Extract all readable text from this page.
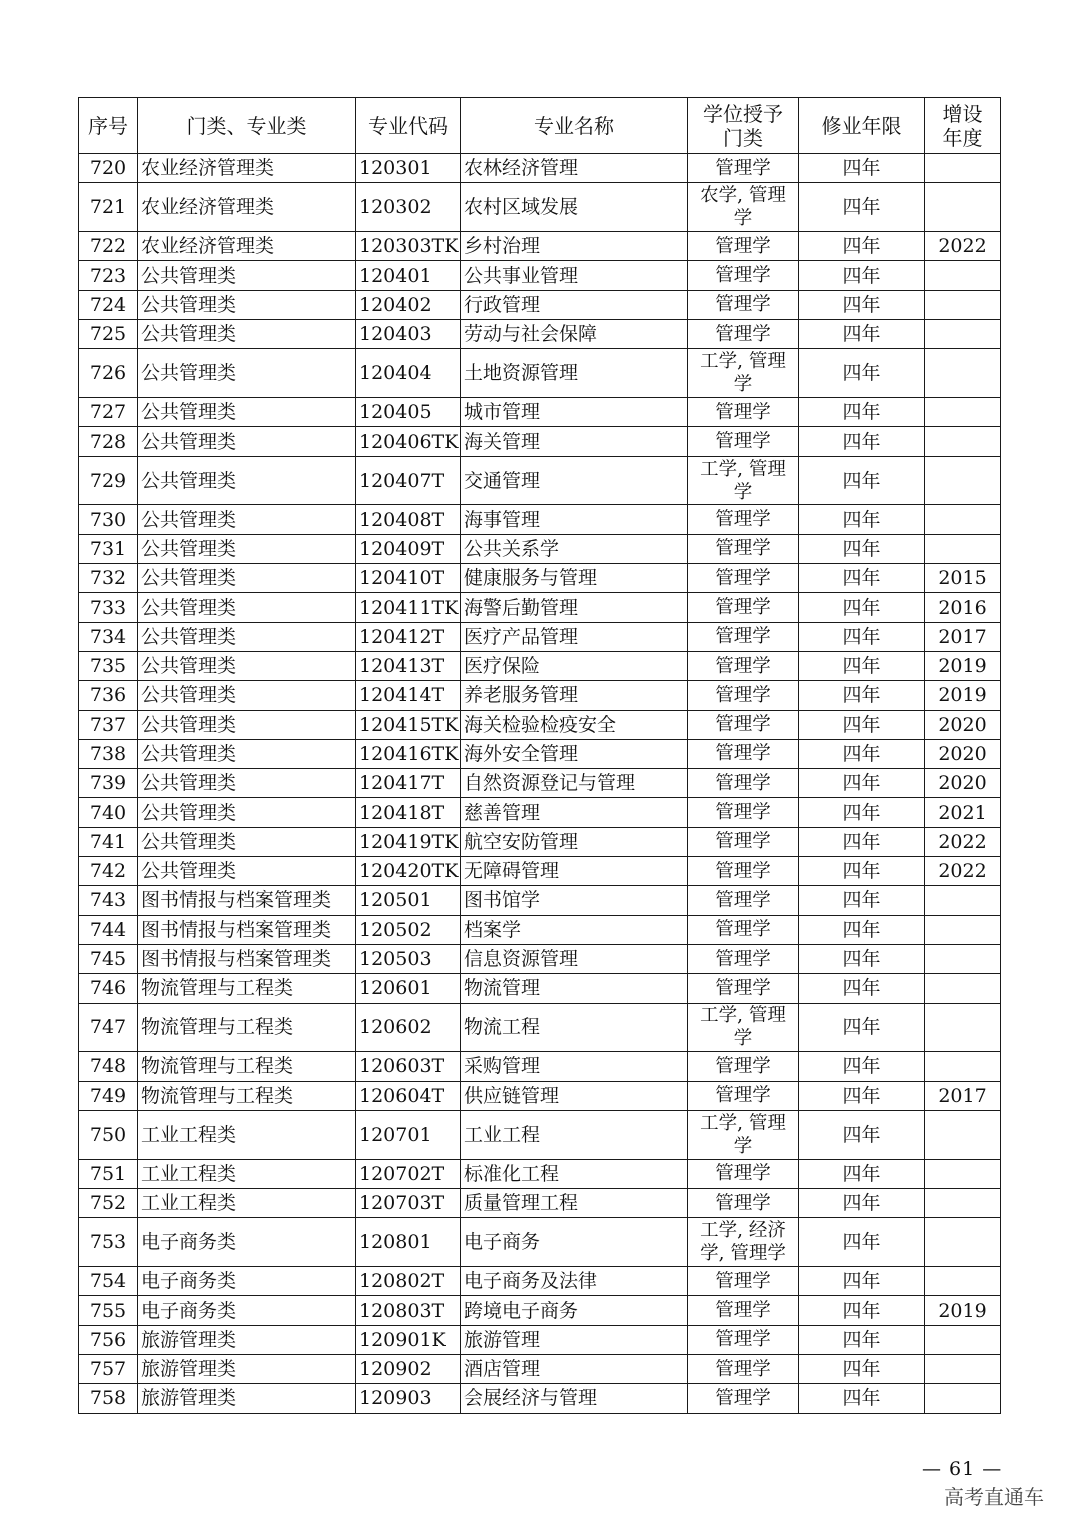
序号	门类、专业类	专业代码	专业名称	学位授予门类	修业年限	增设年度
720	农业经济管理类	120301	农林经济管理	管理学	四年	
721	农业经济管理类	120302	农村区域发展	农学, 管理学	四年	
722	农业经济管理类	120303TK	乡村治理	管理学	四年	2022
723	公共管理类	120401	公共事业管理	管理学	四年	
724	公共管理类	120402	行政管理	管理学	四年	
725	公共管理类	120403	劳动与社会保障	管理学	四年	
726	公共管理类	120404	土地资源管理	工学, 管理学	四年	
727	公共管理类	120405	城市管理	管理学	四年	
728	公共管理类	120406TK	海关管理	管理学	四年	
729	公共管理类	120407T	交通管理	工学, 管理学	四年	
730	公共管理类	120408T	海事管理	管理学	四年	
731	公共管理类	120409T	公共关系学	管理学	四年	
732	公共管理类	120410T	健康服务与管理	管理学	四年	2015
733	公共管理类	120411TK	海警后勤管理	管理学	四年	2016
734	公共管理类	120412T	医疗产品管理	管理学	四年	2017
735	公共管理类	120413T	医疗保险	管理学	四年	2019
736	公共管理类	120414T	养老服务管理	管理学	四年	2019
737	公共管理类	120415TK	海关检验检疫安全	管理学	四年	2020
738	公共管理类	120416TK	海外安全管理	管理学	四年	2020
739	公共管理类	120417T	自然资源登记与管理	管理学	四年	2020
740	公共管理类	120418T	慈善管理	管理学	四年	2021
741	公共管理类	120419TK	航空安防管理	管理学	四年	2022
742	公共管理类	120420TK	无障碍管理	管理学	四年	2022
743	图书情报与档案管理类	120501	图书馆学	管理学	四年	
744	图书情报与档案管理类	120502	档案学	管理学	四年	
745	图书情报与档案管理类	120503	信息资源管理	管理学	四年	
746	物流管理与工程类	120601	物流管理	管理学	四年	
747	物流管理与工程类	120602	物流工程	工学, 管理学	四年	
748	物流管理与工程类	120603T	采购管理	管理学	四年	
749	物流管理与工程类	120604T	供应链管理	管理学	四年	2017
750	工业工程类	120701	工业工程	工学, 管理学	四年	
751	工业工程类	120702T	标准化工程	管理学	四年	
752	工业工程类	120703T	质量管理工程	管理学	四年	
753	电子商务类	120801	电子商务	工学, 经济学, 管理学	四年	
754	电子商务类	120802T	电子商务及法律	管理学	四年	
755	电子商务类	120803T	跨境电子商务	管理学	四年	2019
756	旅游管理类	120901K	旅游管理	管理学	四年	
757	旅游管理类	120902	酒店管理	管理学	四年	
758	旅游管理类	120903	会展经济与管理	管理学	四年	
— 61 —
高考直通车
